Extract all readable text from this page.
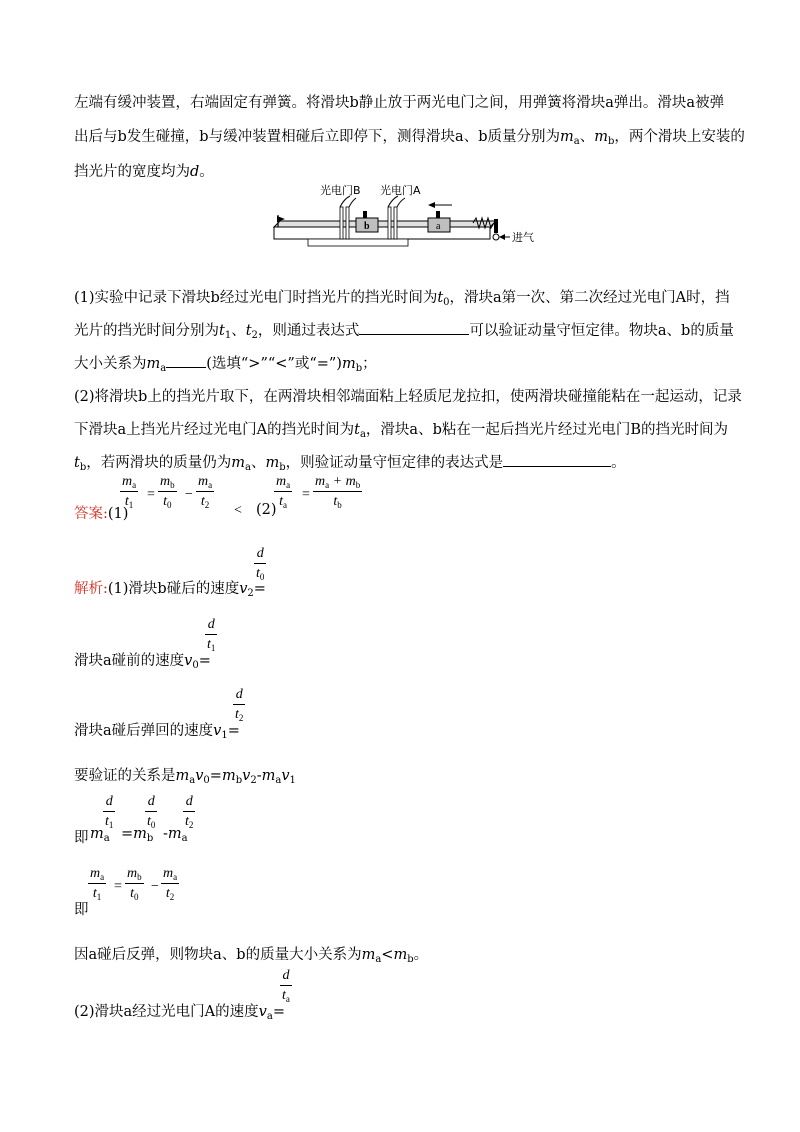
左端有缓冲装置，右端固定有弹簧。将滑块b静止放于两光电门之间，用弹簧将滑块a弹出。滑块a被弹
出后与b发生碰撞，b与缓冲装置相碰后立即停下，测得滑块a、b质量分别为$m_a$、$m_b$，两个滑块上安装的
挡光片的宽度均为d。
b	a
进气
光电门B 光电门A
(1)实验中记录下滑块b经过光电门时挡光片的挡光时间为$t_0$，滑块a第一次、第二次经过光电门A时，挡
光片的挡光时间分别为$t_1$、$t_2$，则通过表达式	可以验证动量守恒定律。物块a、b的质量
大小关系为$m_a$	(选填“>”“<”或“$=”)m_b$；
(2)将滑块b上的挡光片取下，在两滑块相邻端面粘上轻质尼龙拉扣，使两滑块碰撞能粘在一起运动，记录
下滑块a上挡光片经过光电门A的挡光时间为$t_a$，滑块a、b粘在一起后挡光片经过光电门B的挡光时间为
$t_b$，若两滑块的质量仍为$m_a$、$m_b$，则验证动量守恒定律的表达式是	。
答案:(1)
$m_a$
$t_1$
=
$m_b$
$t_0$
−
$m_a$
$t_2$	< (2)
$m_a$
$t_a$
=
$m_a + m_b$
$t_b$
d
$t_0$
解析:(1)滑块b碰后的速度$v_2=$
d
$t_1$
滑块a碰前的速度$v_0=$
d
$t_2$
滑块a碰后弹回的速度$v_1=$
要验证的关系是$m_av_0=m_bv_2-m_av_1$
即 $m_a$
d
$t_1$
$=m_b$
d
$t_0$
$-m_a$
d
$t_2$
即
$m_a$
$t_1$
=
$m_b$
$t_0$
−
$m_a$
$t_2$
因a碰后反弹，则物块a、b的质量大小关系为$m_a<m_b$。
d
$t_a$
(2)滑块a经过光电门A的速度$v_a=$
